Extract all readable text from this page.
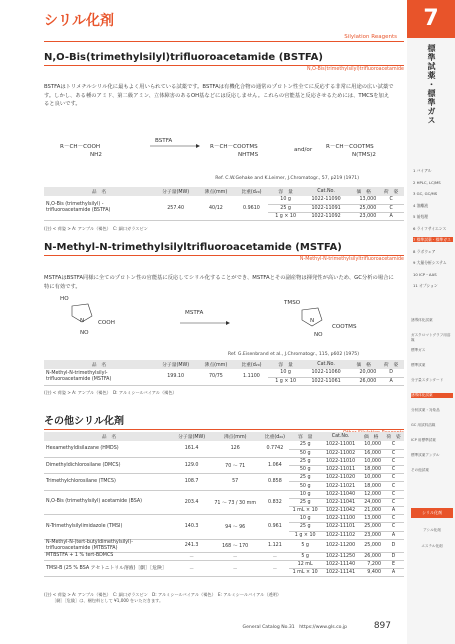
シリル化剤
Silylation Reagents
N,O-Bis(trimethylsilyl)trifluoroacetamide (BSTFA)
N,O-Bis(trimethylsilyl)trifluoroacetamide
BSTFAはトリメチルシリル化に最もよく用いられている試薬です。BSTFAは有機化合物の通常のプロトン性全てに反応する非常に用途の広い試薬です。しかし、ある種のアミド、第二級アミン、立体障害のあるOH基などには反応しません。これらの官能基と反応させるためには、TMCSを加えると良いです。
R－CH－COOH
NH2
BSTFA
→ R－CH－COOTMS
NHTMS
and/or R－CH－COOTMS
N(TMS)2
Ref. C.W.Gehake and K.Leimer, J.Chromatogr., 57, p219 (1971)
品　名	分子量(MW)	沸点(mm)	比重(d₂₀)	容　量	Cat.No.	価　格	荷　姿
N,O-Bis (trimethylsilyl) -
trifluoroacetamide (BSTFA)	257.40	40/12	0.9610	10 g	1022-11090	13,000	C
				25 g	1022-11091	25,000	C
				1 g × 10	1022-11092	23,000	A
(注) < 荷姿 > A: アンプル（褐色）　C: 細口ガラスビン
N-Methyl-N-trimethylsilyltrifluoroacetamide (MSTFA)
N-Methyl-N-trimethylsilyltrifluoroacetamide
MSTFAはBSTFA同様に全てのプロトン性の官能基に反応してシリル化することができ、MSTFAとその副産物は揮発性が高いため、GC分析の場合に特に有効です。
HO
N COOH
NO
MSTFA
TMSO
N
COOTMS
NO
Ref. G.Eisenbrand et al., J.Chromatogr., 115, p602 (1975)
品　名	分子量(MW)	沸点(mm)	比重(d₂₀)	容　量	Cat.No.	価　格	荷　姿
N-Methyl-N-trimethylsilyl-
trifluoroacetamide (MSTFA)	199.10	70/75	1.1100	10 g	1022-11060	20,000	D
				1 g × 10	1022-11061	26,000	A
(注) < 荷姿 > A: アンプル（褐色）　D: アルミシールバイアル（褐色）
その他シリル化剤
品　名	分子量(MW)	沸点(mm)	比重(d₂₀)	容　量	Cat.No.	価　格	荷　姿
Hexamethyldisilazane (HMDS)	161.4	126	0.7742	25 g	1022-11001	10,000	C
				50 g	1022-11002	16,000	C
Dimethyldichlorosilane (DMCS)	129.0	70 ～ 71	1.064	25 g	1022-11010	10,000	C
				50 g	1022-11011	18,000	C
Trimethylchlorosilane (TMCS)	108.7	57	0.858	25 g	1022-11020	10,000	C
				50 g	1022-11021	18,000	C
N,O-Bis (trimethylsilyl) acetamide (BSA)	203.4	71 ～ 73 / 30 mm	0.832	10 g	1022-11040	12,000	C
				25 g	1022-11041	24,000	C
				1 mL × 10	1022-11042	21,000	A
N-Trimethylsilylimidazole (TMSI)	140.3	94 ～ 96	0.961	10 g	1022-11100	13,000	C
				25 g	1022-11101	25,000	C
				1 g × 10	1022-11102	23,000	A
N-Methyl-N-(tert-butyldimethylsilyl)-trifluoroacetamide (MTBSTFA)	241.3	168 ～ 170	1.121	5 g	1022-11200	25,000	D
MTBSTFA + 1 % tert-BDMCS	－	－	－	5 g	1022-11250	26,000	D
TMSI-B (25 % BSA アセトニトリル溶液)［劇］［危険］	－	－	－	12 mL	1022-11140	7,200	E
				1 mL × 10	1022-11141	9,400	A
(注) < 荷姿 > A: アンプル（褐色）　C: 細口ガラスビン　D: アルミシールバイアル（褐色）　E: アルミシールバイアル（透明）
［劇］［危険］は、梱包料として ¥1,000 をいただきます。
General Catalog No.31　https://www.gls.co.jp	897
7
標準試薬・標準ガス
1 バイアル
2 HPLC, LC/MS
3 GC, GC/MS
4 溶離液
5 前処理
6 ライフサイエンス
7 標準試薬・標準ガス
8 ラボウェア
9 大量分析システム
10 ICP・AAS
11 オプション
誘導体化試薬
ガスクロマトグラフ用溶媒
標準ガス
標準試薬
分子量スタンダード
誘導体化試薬
分析試薬・対象品
GC 用試料溶媒
ICP 用標準試薬
標準試薬アンプル
その他試薬
シリル化剤
アシル化剤
エステル化剤
